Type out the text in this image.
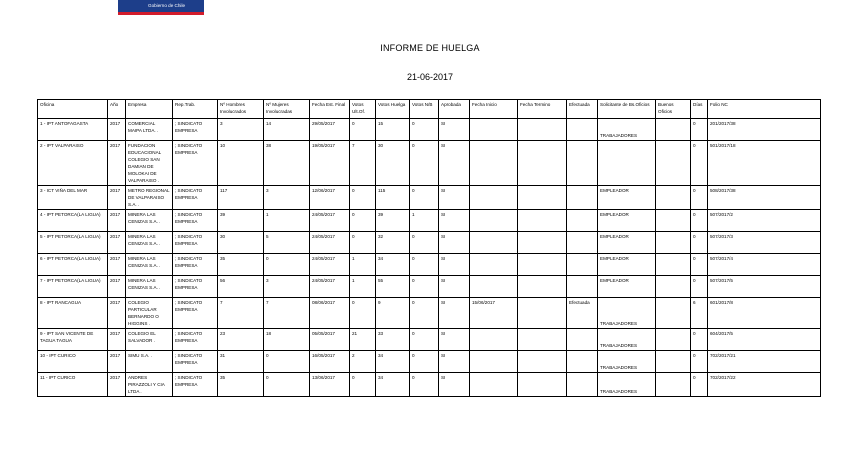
Gobierno de Chile
INFORME DE HUELGA
21-06-2017
Oficina	Año	Empresa	Rep.Trab.	Nº Hombres Involucrados	Nº Mujeres Involucradas	Fecha Est. Final	Votos Ult.Of.	Votos Huelga	Votos N/B	Aprobada	Fecha Inicio	Fecha Termino	Efectuada	Solicitante de Bs.Oficios	Buenos Oficios	Días	Folio NC
1 - IPT ANTOFAGASTA	2017	COMERCIAL MAIPA LTDA. .	; SINDICATO EMPRESA	3	14	29/05/2017	0	15	0	SI				TRABAJADORES		0	201/2017/38
2 - IPT VALPARAISO	2017	FUNDACION EDUCACIONAL COLEGIO SAN DAMIAN DE MOLOKAI DE VALPARAISO .	; SINDICATO EMPRESA	10	38	19/05/2017	7	30	0	SI						0	501/2017/18
3 - ICT VIÑA DEL MAR	2017	METRO REGIONAL DE VALPARAISO S.A. .	; SINDICATO EMPRESA	117	3	12/06/2017	0	115	0	SI				EMPLEADOR		0	508/2017/38
4 - IPT PETORCA(LA LIGUA)	2017	MINERA LAS CENIZAS S.A. .	; SINDICATO EMPRESA	39	1	24/05/2017	0	39	1	SI				EMPLEADOR		0	507/2017/2
5 - IPT PETORCA(LA LIGUA)	2017	MINERA LAS CENIZAS S.A. .	; SINDICATO EMPRESA	30	5	24/05/2017	0	32	0	SI				EMPLEADOR		0	507/2017/3
6 - IPT PETORCA(LA LIGUA)	2017	MINERA LAS CENIZAS S.A. .	; SINDICATO EMPRESA	35	0	24/05/2017	1	34	0	SI				EMPLEADOR		0	507/2017/4
7 - IPT PETORCA(LA LIGUA)	2017	MINERA LAS CENIZAS S.A. .	; SINDICATO EMPRESA	56	3	24/05/2017	1	55	0	SI				EMPLEADOR		0	507/2017/5
8 - IPT RANCAGUA	2017	COLEGIO PARTICULAR BERNARDO O HIGGINS .	; SINDICATO EMPRESA	7	7	08/06/2017	0	9	0	SI	15/06/2017		Efectuada	TRABAJADORES		6	601/2017/8
9 - IPT SAN VICENTE DE TAGUA TAGUA	2017	COLEGIO EL SALVADOR .	; SINDICATO EMPRESA	23	18	05/05/2017	21	33	0	SI				TRABAJADORES		0	604/2017/5
10 - IPT CURICO	2017	SIMU S.A. .	; SINDICATO EMPRESA	31	0	16/05/2017	2	34	0	SI				TRABAJADORES		0	702/2017/21
11 - IPT CURICO	2017	ANDRES PIRAZZOLI Y CIA LTDA .	; SINDICATO EMPRESA	35	0	13/06/2017	0	34	0	SI				TRABAJADORES		0	702/2017/22
